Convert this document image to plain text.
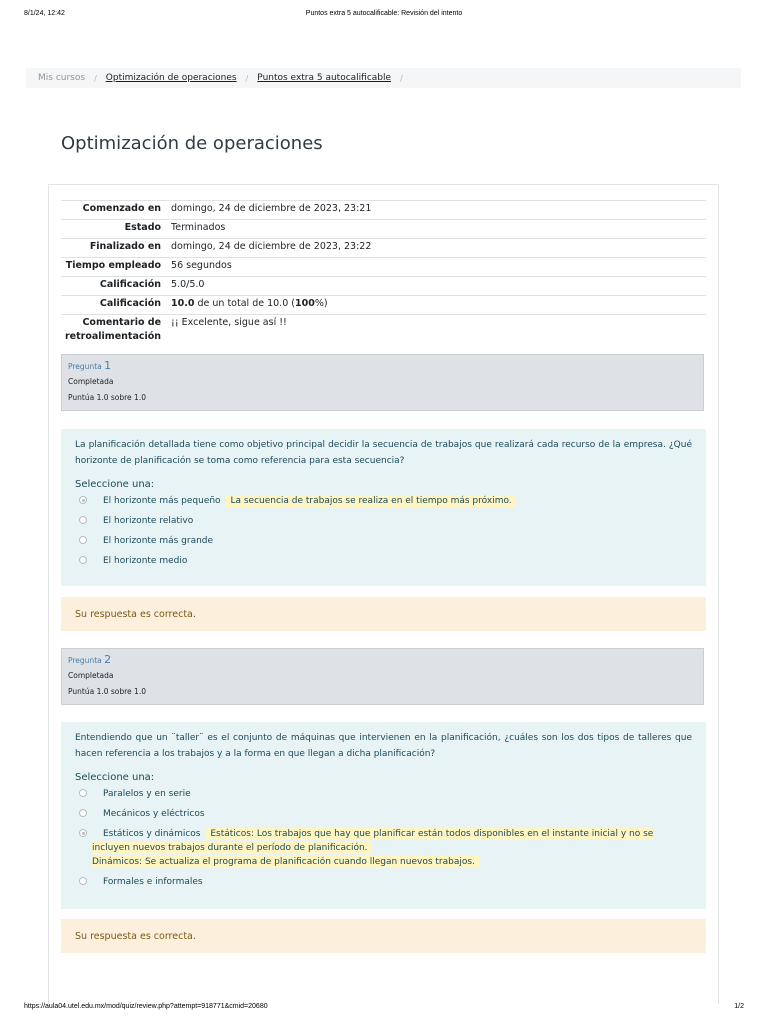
8/1/24, 12:42	Puntos extra 5 autocalificable: Revisión del intento
Mis cursos / Optimización de operaciones / Puntos extra 5 autocalificable /
Optimización de operaciones
Comenzado en	domingo, 24 de diciembre de 2023, 23:21
Estado	Terminados
Finalizado en	domingo, 24 de diciembre de 2023, 23:22
Tiempo empleado	56 segundos
Calificación	5.0/5.0
Calificación	10.0 de un total de 10.0 (100%)
Comentario de retroalimentación	¡¡ Excelente, sigue así !!
Pregunta 1
Completada
Puntúa 1.0 sobre 1.0
La planificación detallada tiene como objetivo principal decidir la secuencia de trabajos que realizará cada recurso de la empresa. ¿Qué horizonte de planificación se toma como referencia para esta secuencia?
Seleccione una:
El horizonte más pequeño La secuencia de trabajos se realiza en el tiempo más próximo.
El horizonte relativo
El horizonte más grande
El horizonte medio
Su respuesta es correcta.
Pregunta 2
Completada
Puntúa 1.0 sobre 1.0
Entendiendo que un ¨taller¨ es el conjunto de máquinas que intervienen en la planificación, ¿cuáles son los dos tipos de talleres que hacen referencia a los trabajos y a la forma en que llegan a dicha planificación?
Seleccione una:
Paralelos y en serie
Mecánicos y eléctricos
Estáticos y dinámicos Estáticos: Los trabajos que hay que planificar están todos disponibles en el instante inicial y no se incluyen nuevos trabajos durante el período de planificación.
Dinámicos: Se actualiza el programa de planificación cuando llegan nuevos trabajos.
Formales e informales
Su respuesta es correcta.
https://aula04.utel.edu.mx/mod/quiz/review.php?attempt=918771&cmid=20680	1/2
